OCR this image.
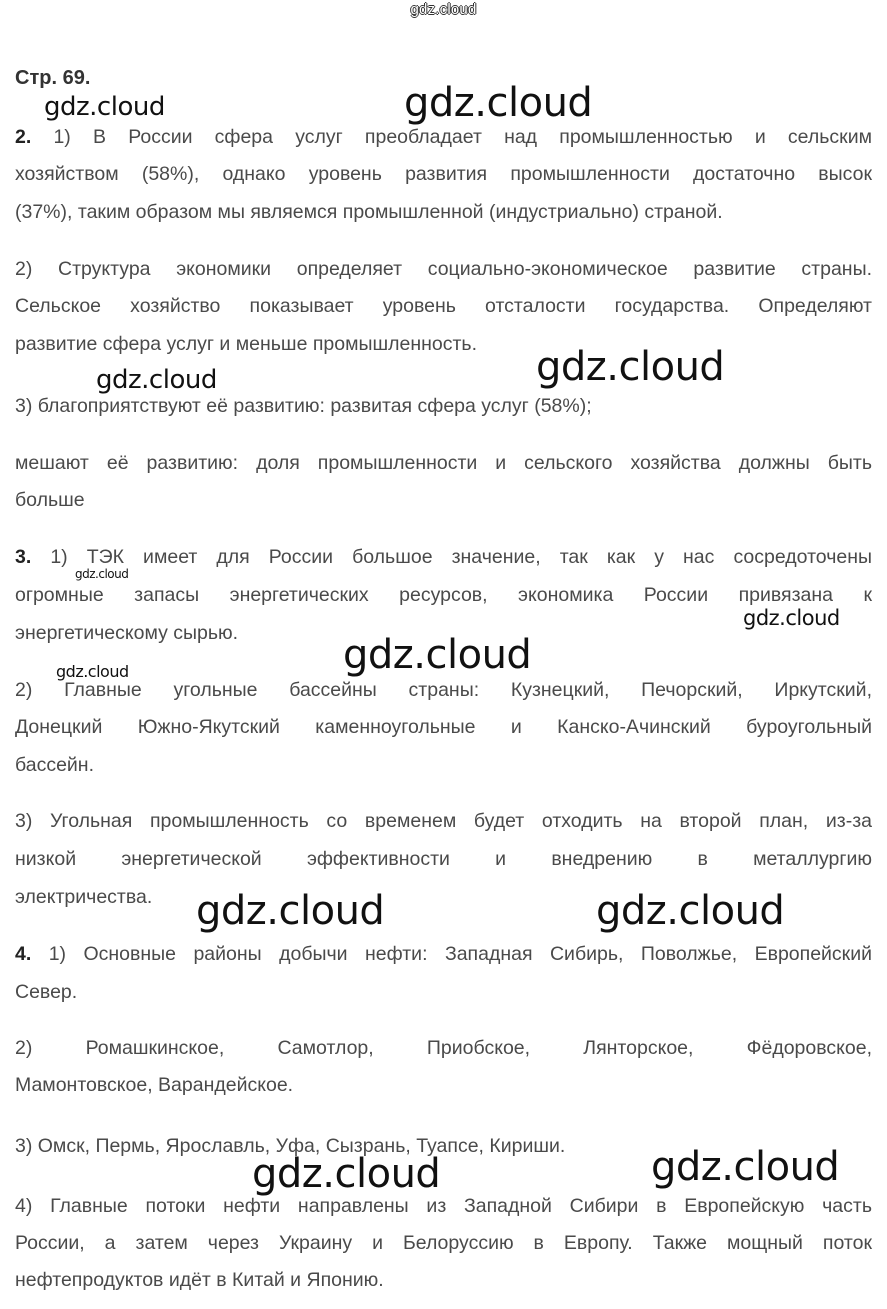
gdz.cloud
Стр. 69.
2. 1) В России сфера услуг преобладает над промышленностью и сельским
хозяйством (58%), однако уровень развития промышленности достаточно высок
(37%), таким образом мы являемся промышленной (индустриально) страной.
2) Структура экономики определяет социально-экономическое развитие страны.
Сельское хозяйство показывает уровень отсталости государства. Определяют
развитие сфера услуг и меньше промышленность.
3) благоприятствуют её развитию: развитая сфера услуг (58%);
мешают её развитию: доля промышленности и сельского хозяйства должны быть
больше
3. 1) ТЭК имеет для России большое значение, так как у нас сосредоточены
огромные запасы энергетических ресурсов, экономика России привязана к
энергетическому сырью.
2) Главные угольные бассейны страны: Кузнецкий, Печорский, Иркутский,
Донецкий Южно-Якутский каменноугольные и Канско-Ачинский буроугольный
бассейн.
3) Угольная промышленность со временем будет отходить на второй план, из-за
низкой энергетической эффективности и внедрению в металлургию
электричества.
4. 1) Основные районы добычи нефти: Западная Сибирь, Поволжье, Европейский
Север.
2) Ромашкинское, Самотлор, Приобское, Лянторское, Фёдоровское,
Мамонтовское, Варандейское.
3) Омск, Пермь, Ярославль, Уфа, Сызрань, Туапсе, Кириши.
4) Главные потоки нефти направлены из Западной Сибири в Европейскую часть
России, а затем через Украину и Белоруссию в Европу. Также мощный поток
нефтепродуктов идёт в Китай и Японию.
gdz.cloud	gdz.cloud
gdz.cloud
gdz.cloud
gdz.cloud
gdz.cloud
gdz.cloud
gdz.cloud
gdz.cloud	gdz.cloud
gdz.cloud
gdz.cloud
